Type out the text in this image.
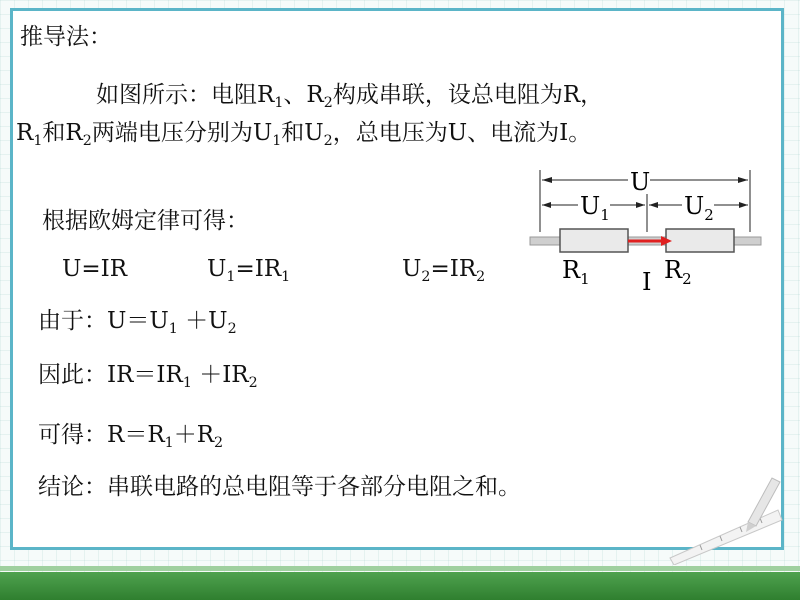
推导法：
如图所示：电阻$R_1$、$R_2$构成串联，设总电阻为R，
$R_1$和$R_2$两端电压分别为$U_1$和$U_2$，总电压为U、电流为I。
根据欧姆定律可得：
U=IR	$U_1=IR_1$	$U_2=IR_2$
由于：$U=U_1 +U_2$
因此：$IR=IR_1 +IR_2$
可得：$R=R_1+R_2$
结论：串联电路的总电阻等于各部分电阻之和。
U
$U_1$	$U_2$
$R_1$ I $R_2$
